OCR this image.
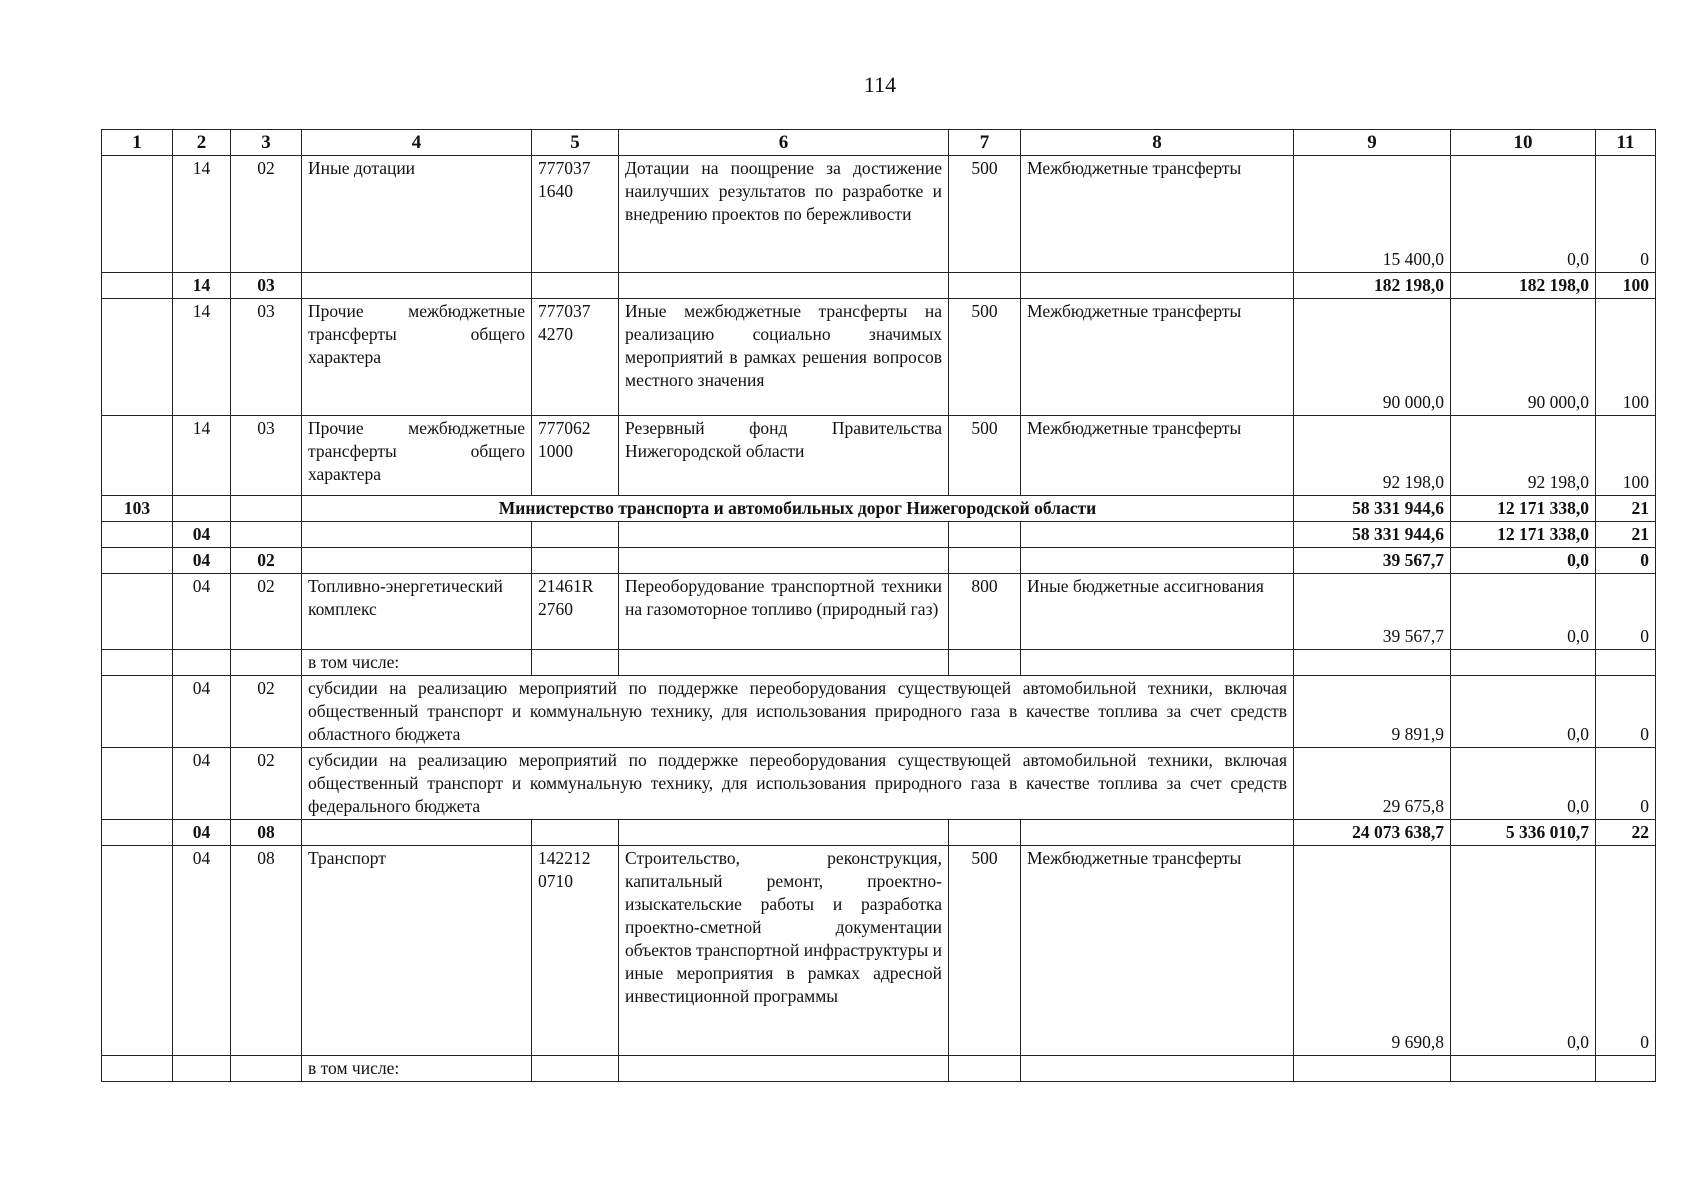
114
1	2	3	4	5	6	7	8	9	10	11
	14	02	Иные дотации	777037 1640	Дотации на поощрение за достижение наилучших результатов по разработке и внедрению проектов по бережливости	500	Межбюджетные трансферты	15 400,0	0,0	0
	14	03						182 198,0	182 198,0	100
	14	03	Прочие межбюджетные трансферты общего характера	777037 4270	Иные межбюджетные трансферты на реализацию социально значимых мероприятий в рамках решения вопросов местного значения	500	Межбюджетные трансферты	90 000,0	90 000,0	100
	14	03	Прочие межбюджетные трансферты общего характера	777062 1000	Резервный фонд Правительства Нижегородской области	500	Межбюджетные трансферты	92 198,0	92 198,0	100
103			Министерство транспорта и автомобильных дорог Нижегородской области					58 331 944,6	12 171 338,0	21
	04							58 331 944,6	12 171 338,0	21
	04	02						39 567,7	0,0	0
	04	02	Топливно-энергетический комплекс	21461R 2760	Переоборудование транспортной техники на газомоторное топливо (природный газ)	800	Иные бюджетные ассигнования	39 567,7	0,0	0
			в том числе:							
	04	02	субсидии на реализацию мероприятий по поддержке переоборудования существующей автомобильной техники, включая общественный транспорт и коммунальную технику, для использования природного газа в качестве топлива за счет средств областного бюджета					9 891,9	0,0	0
	04	02	субсидии на реализацию мероприятий по поддержке переоборудования существующей автомобильной техники, включая общественный транспорт и коммунальную технику, для использования природного газа в качестве топлива за счет средств федерального бюджета					29 675,8	0,0	0
	04	08						24 073 638,7	5 336 010,7	22
	04	08	Транспорт	142212 0710	Строительство, реконструкция, капитальный ремонт, проектно-изыскательские работы и разработка проектно-сметной документации объектов транспортной инфраструктуры и иные мероприятия в рамках адресной инвестиционной программы	500	Межбюджетные трансферты	9 690,8	0,0	0
			в том числе:							
